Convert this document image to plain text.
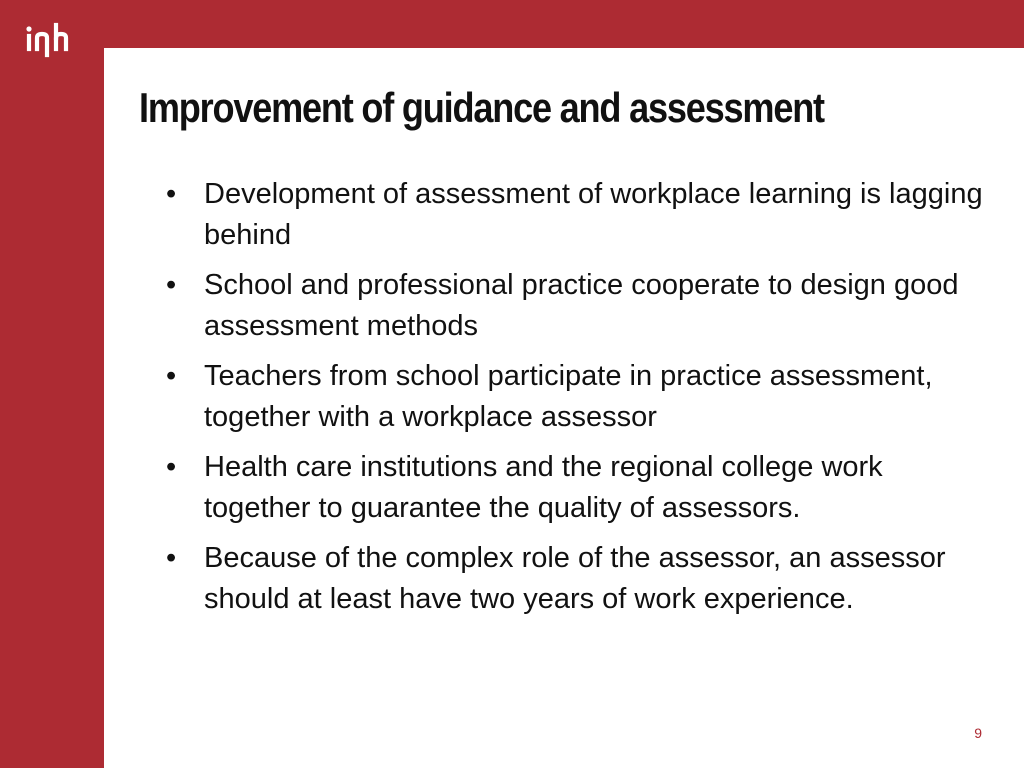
Improvement of guidance and assessment
• Development of assessment of workplace learning is lagging behind
• School and professional practice cooperate to design good assessment methods
• Teachers from school participate in practice assessment, together with a workplace assessor
• Health care institutions and the regional college work together to guarantee the quality of assessors.
• Because of the complex role of the assessor, an assessor should at least have two years of work experience.
9
